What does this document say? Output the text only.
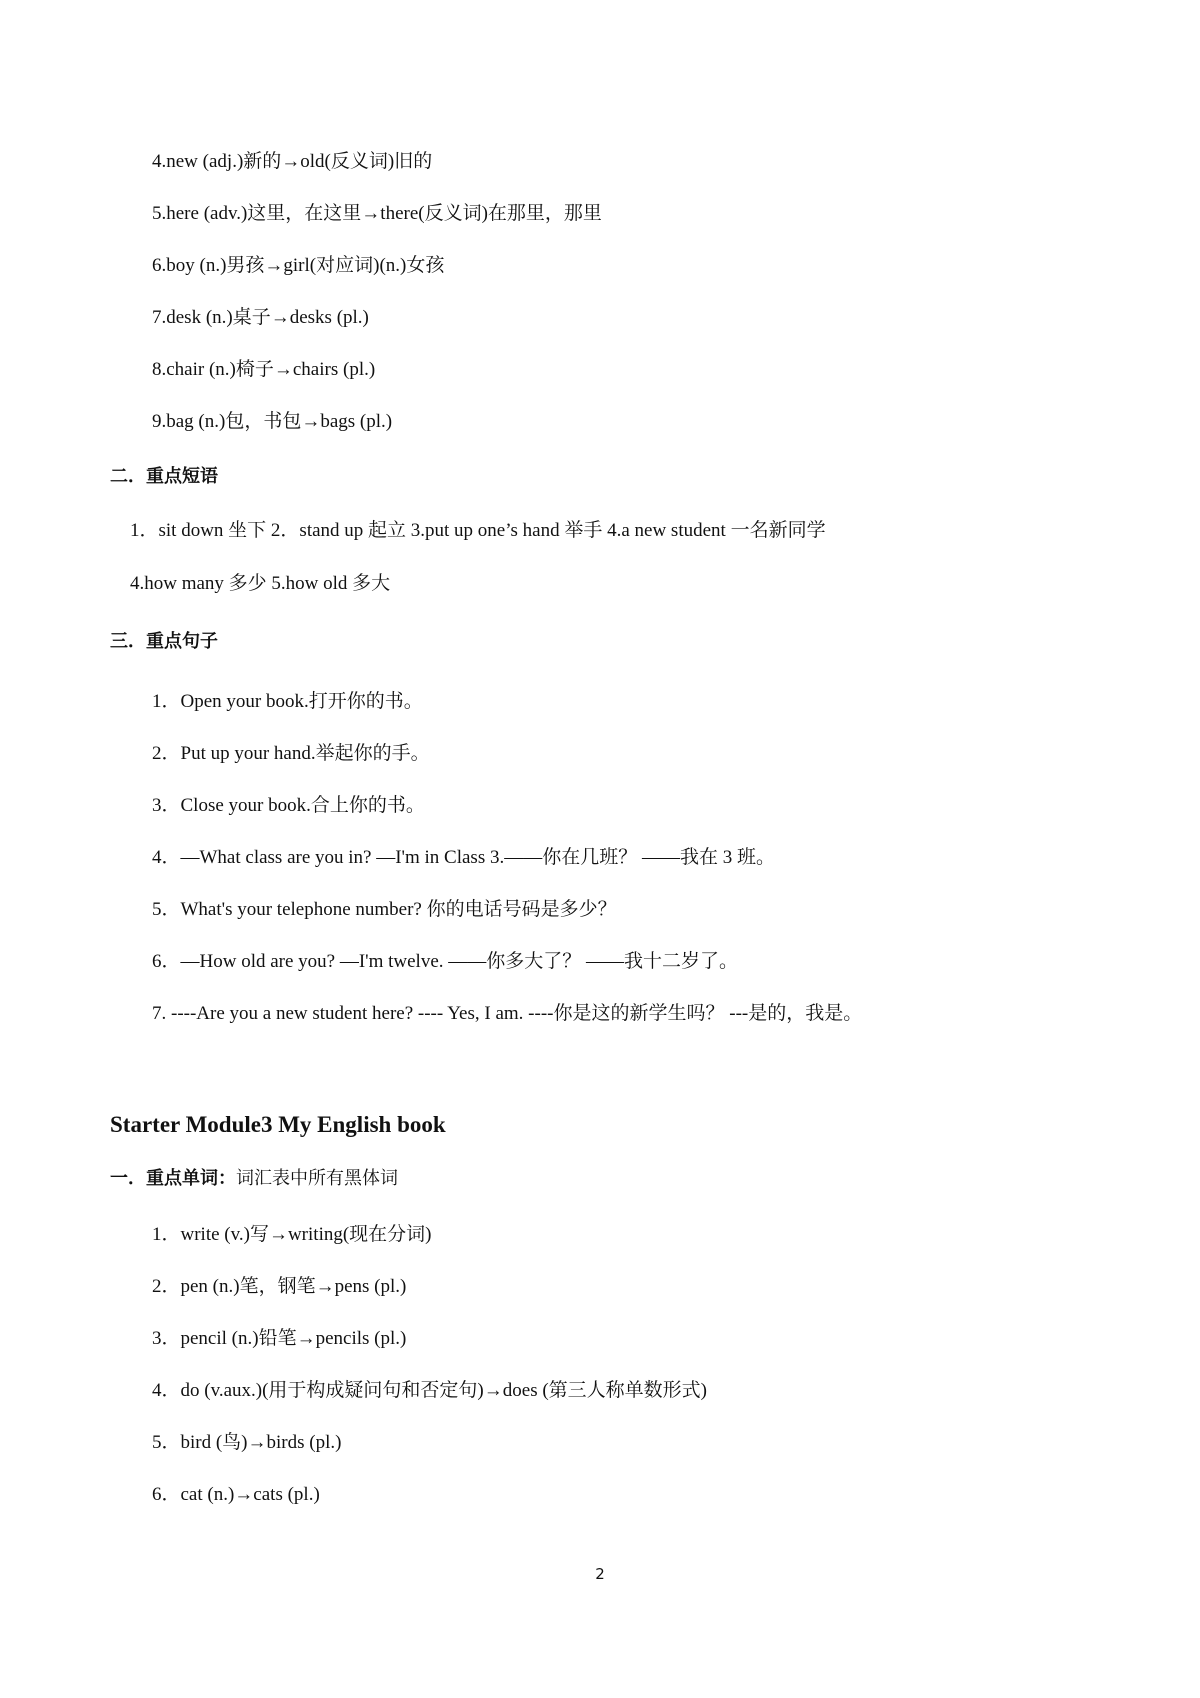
4.new (adj.)新的→old(反义词)旧的
5.here (adv.)这里，在这里→there(反义词)在那里，那里
6.boy (n.)男孩→girl(对应词)(n.)女孩
7.desk (n.)桌子→desks (pl.)
8.chair (n.)椅子→chairs (pl.)
9.bag (n.)包，书包→bags (pl.)
二．重点短语
1．sit down 坐下 2．stand up 起立 3.put up one’s hand 举手 4.a new student 一名新同学
4.how many 多少 5.how old 多大
三．重点句子
1．Open your book.打开你的书。
2．Put up your hand.举起你的手。
3．Close your book.合上你的书。
4．—What class are you in? —I'm in Class 3.——你在几班？ ——我在 3 班。
5．What's your telephone number? 你的电话号码是多少？
6．—How old are you? —I'm twelve. ——你多大了？ ——我十二岁了。
7. ----Are you a new student here? ---- Yes, I am. ----你是这的新学生吗？ ---是的，我是。
Starter Module3 My English book
一．重点单词：词汇表中所有黑体词
1．write (v.)写→writing(现在分词)
2．pen (n.)笔，钢笔→pens (pl.)
3．pencil (n.)铅笔→pencils (pl.)
4．do (v.aux.)(用于构成疑问句和否定句)→does (第三人称单数形式)
5．bird (鸟)→birds (pl.)
6．cat (n.)→cats (pl.)
2
